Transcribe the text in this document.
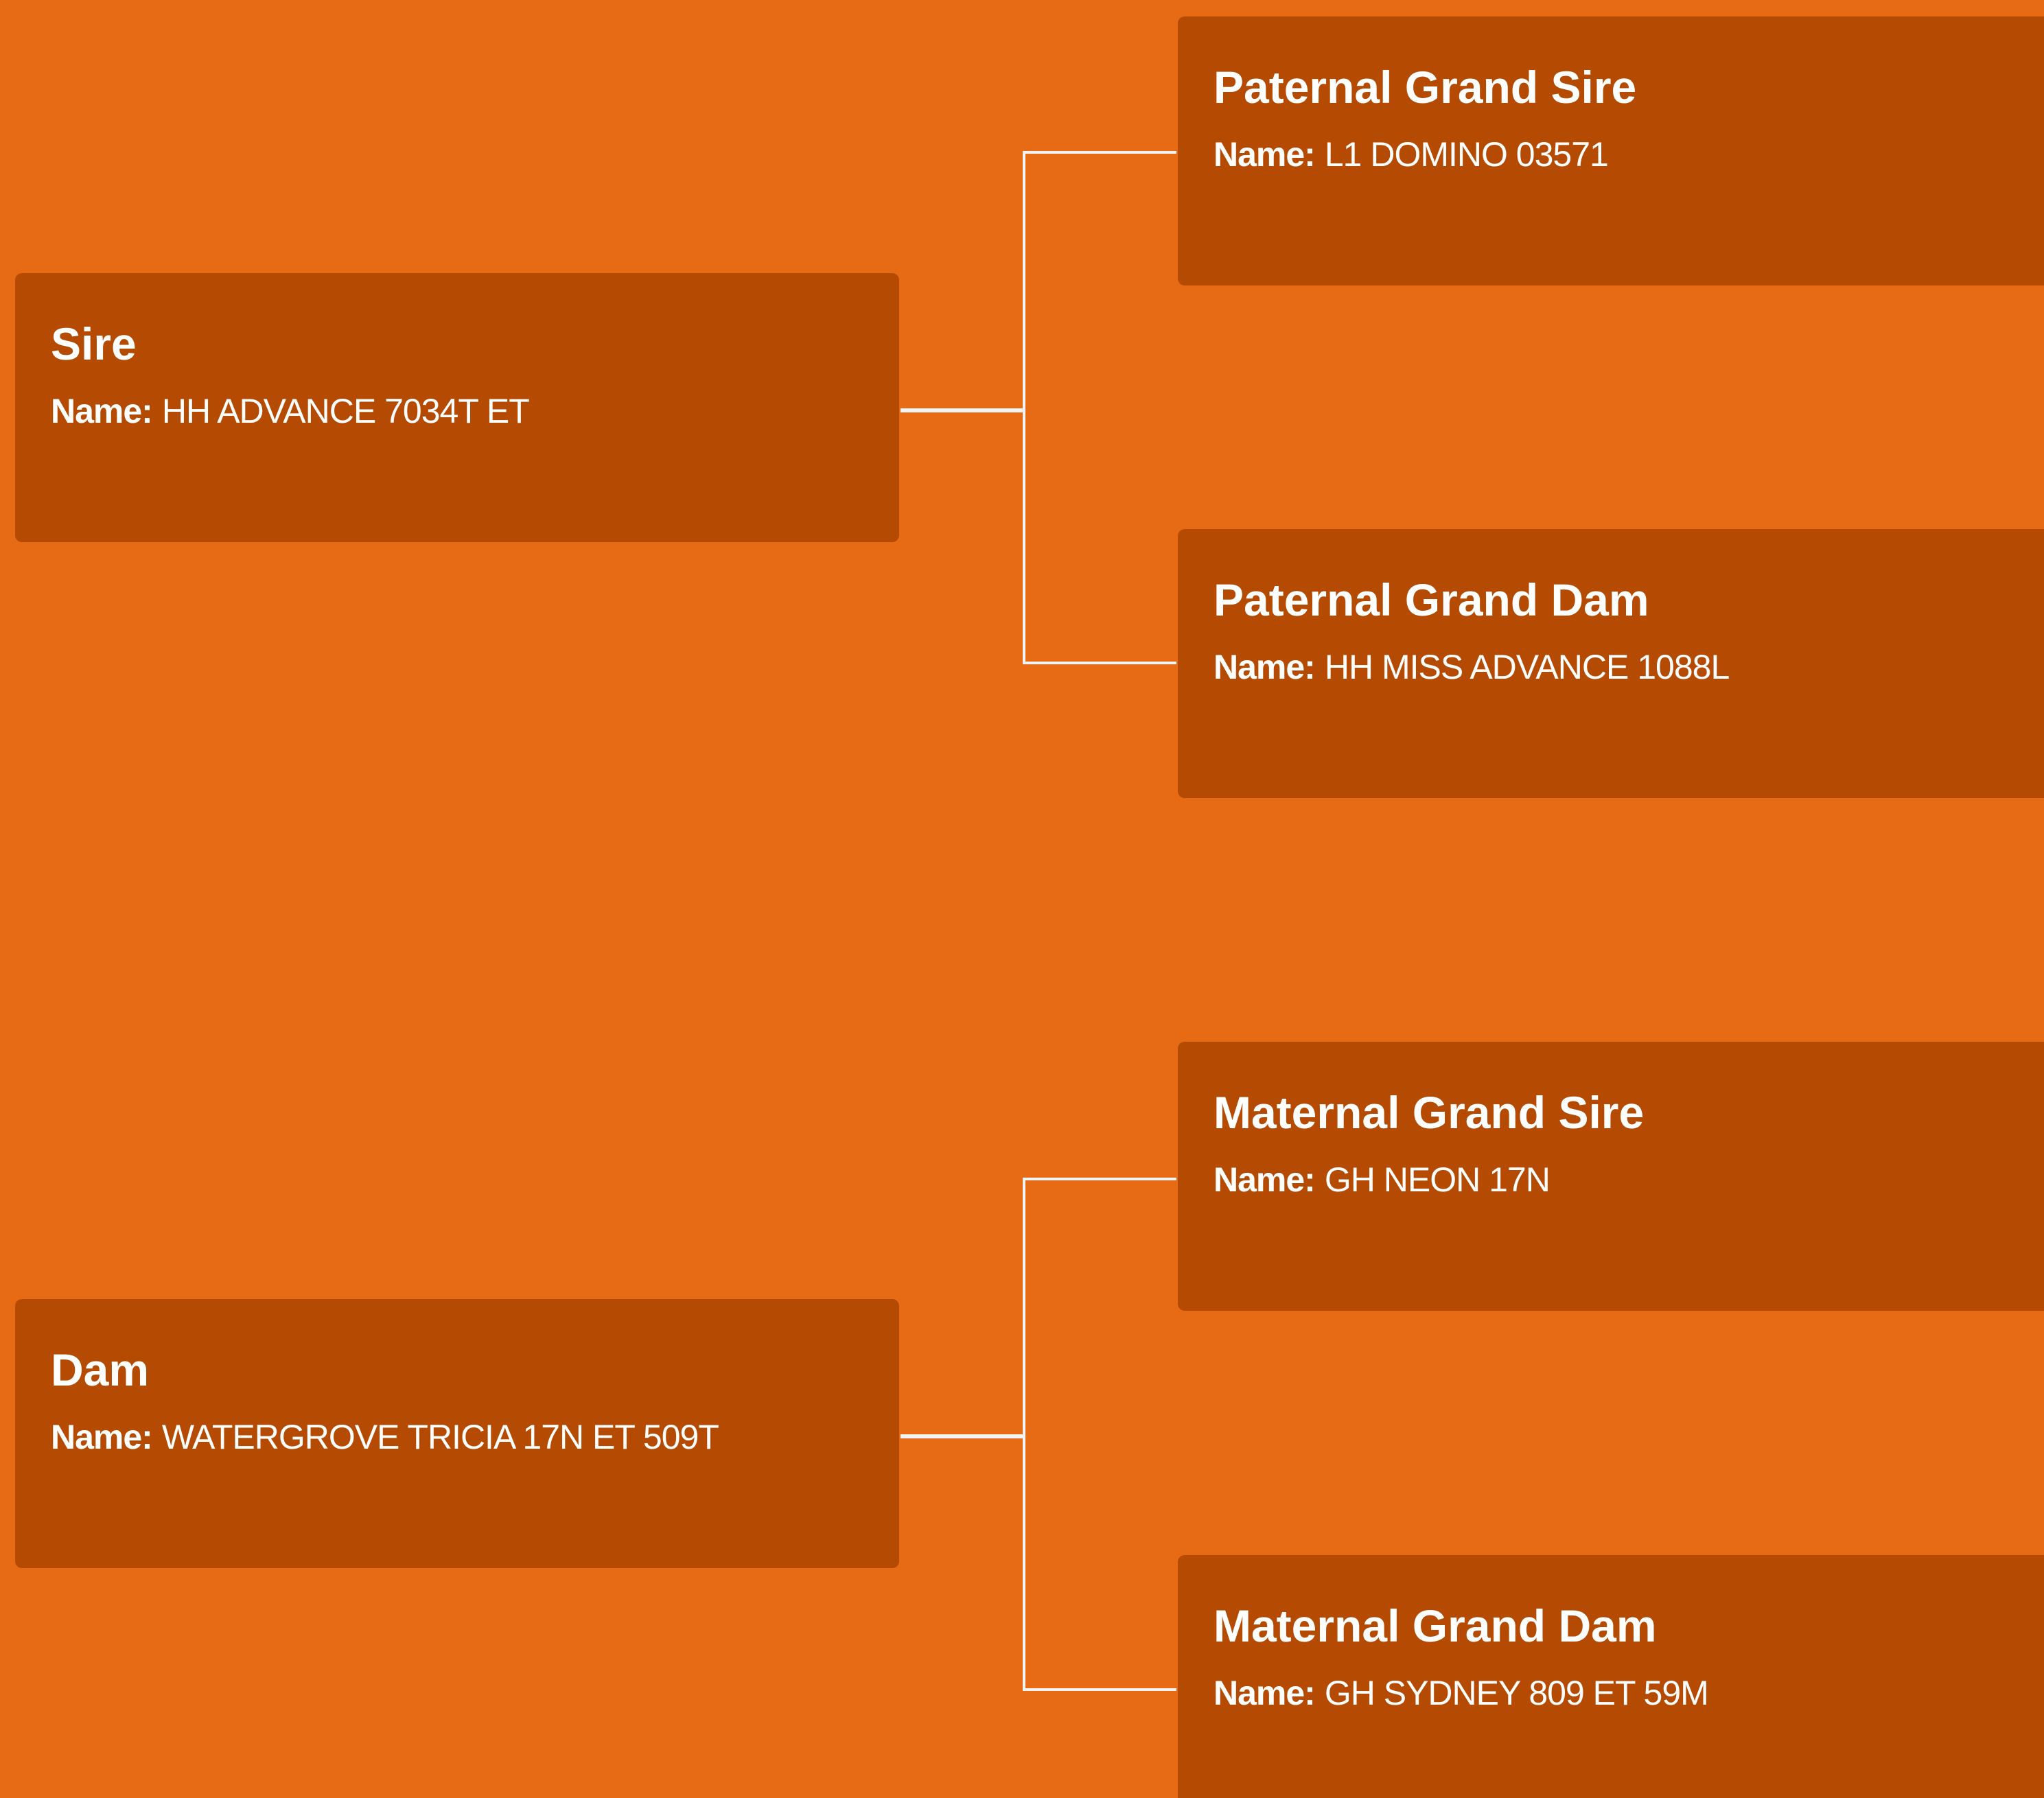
Sire
Name: HH ADVANCE 7034T ET
Dam
Name: WATERGROVE TRICIA 17N ET 509T
Paternal Grand Sire
Name: L1 DOMINO 03571
Paternal Grand Dam
Name: HH MISS ADVANCE 1088L
Maternal Grand Sire
Name: GH NEON 17N
Maternal Grand Dam
Name: GH SYDNEY 809 ET 59M
